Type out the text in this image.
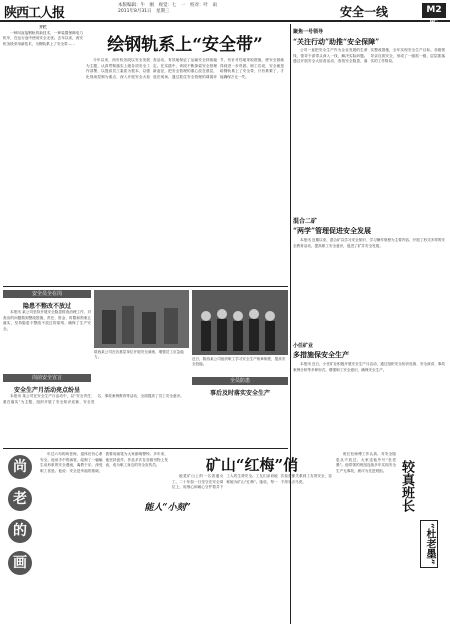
陕西工人报
本版编辑：牛　刚　视觉：七　一　校对：叶　雨
2011年8月31日　星期三	安全一线	M2版
开栏

一种叫直接钢轨的新技术，一种装置保障电力机车，在运行途中使用安全无忧。去年以来，西安机务段采用新技术，为钢轨系上了安全带……	绘钢轨系上“安全带”

今年以来，西安机务段以安全发展为主题，认真贯彻落实上级各项安全工作部署，以提高员工素质为根本，以强化现场控制为重点，深入开展安全大检查活动，有效地保证了运输安全持续稳定。在实践中，该段不断探索安全管理新途径，把安全管理的重心放在基层，放在现场，通过抓住安全管理的薄弱环节，有针对性地采取措施，使安全基础得到进一步巩固。职工们说，安全就是给钢轨系上了安全带，只有系紧了，才能确保万无一失。

聚焦一号领导
“关注行动”助推“安全保障”

公司一直把安全生产作为企业发展的生命线，领导干部带头深入一线，解决实际问题。通过开展安全大检查活动，查找安全隐患，落实整改措施，全年实现安全生产目标。各级领导亲自抓安全，形成了一级抓一级、层层抓落实的工作格局。

混合二矿
“两学”管理促进安全发展

本报讯 近期以来，混合矿以学习安全知识、学习操作规程为主要内容，开展了形式多样的安全教育活动，提高职工安全意识，促进了矿井安全发展。

小任矿业
多措施保安全生产

本报讯 近日，小任矿业积极开展安全生产月活动，通过组织安全知识竞赛、安全演讲、事故案例分析等多种形式，增强职工安全意识，确保安全生产。

安全员全在岗
隐患不整改不放过

本报讯 某公司坚持开展安全隐患排查治理工作，对查出的问题做到整改措施、责任、资金、时限和预案五落实，坚持隐患不整改不放过的原则，确保了生产安全。

岗前安全宣言
安全生产月活动亮点纷呈

本报讯 某公司在安全生产月活动中，以“安全责任，重在落实”为主题，组织开展了安全知识竞赛、安全签名、事故案例教育等活动，全面提高了员工安全意识。

陕西某公司在各基层单位开展安全演练，增强员工应急能力。	近日，陕西某公司组织职工学习安全生产规章制度，提高安全技能。
全员防患
事后及时落实安全生产
尚
老
的
画

年过六旬的尚老师，退休后仍心系安全。他用手中的画笔，绘制了一幅幅生动形象的安全漫画，寓教于乐，深受职工喜爱。他说：安全是幸福的基础，我要用画笔为大家敲响警钟。多年来，他坚持创作，作品多次在各级刊物上发表，成为职工身边的安全宣传员。	矿山“红梅”俏
能人“小刻”

她是矿山上的一名普通女工，二十年如一日坚守在安全岗位上，用细心和耐心守护着井下工人的生命安全。工友们亲切地称她为矿山“红梅”。她说，每一次检查都关系到工友的安全，容不得半点马虎。	较真班长
“杜老墨”

班长杜师傅工作认真，对安全隐患从不放过，大家送他外号“杜老墨”。他带领的班组连续多年实现安全生产无事故，被评为先进班组。
